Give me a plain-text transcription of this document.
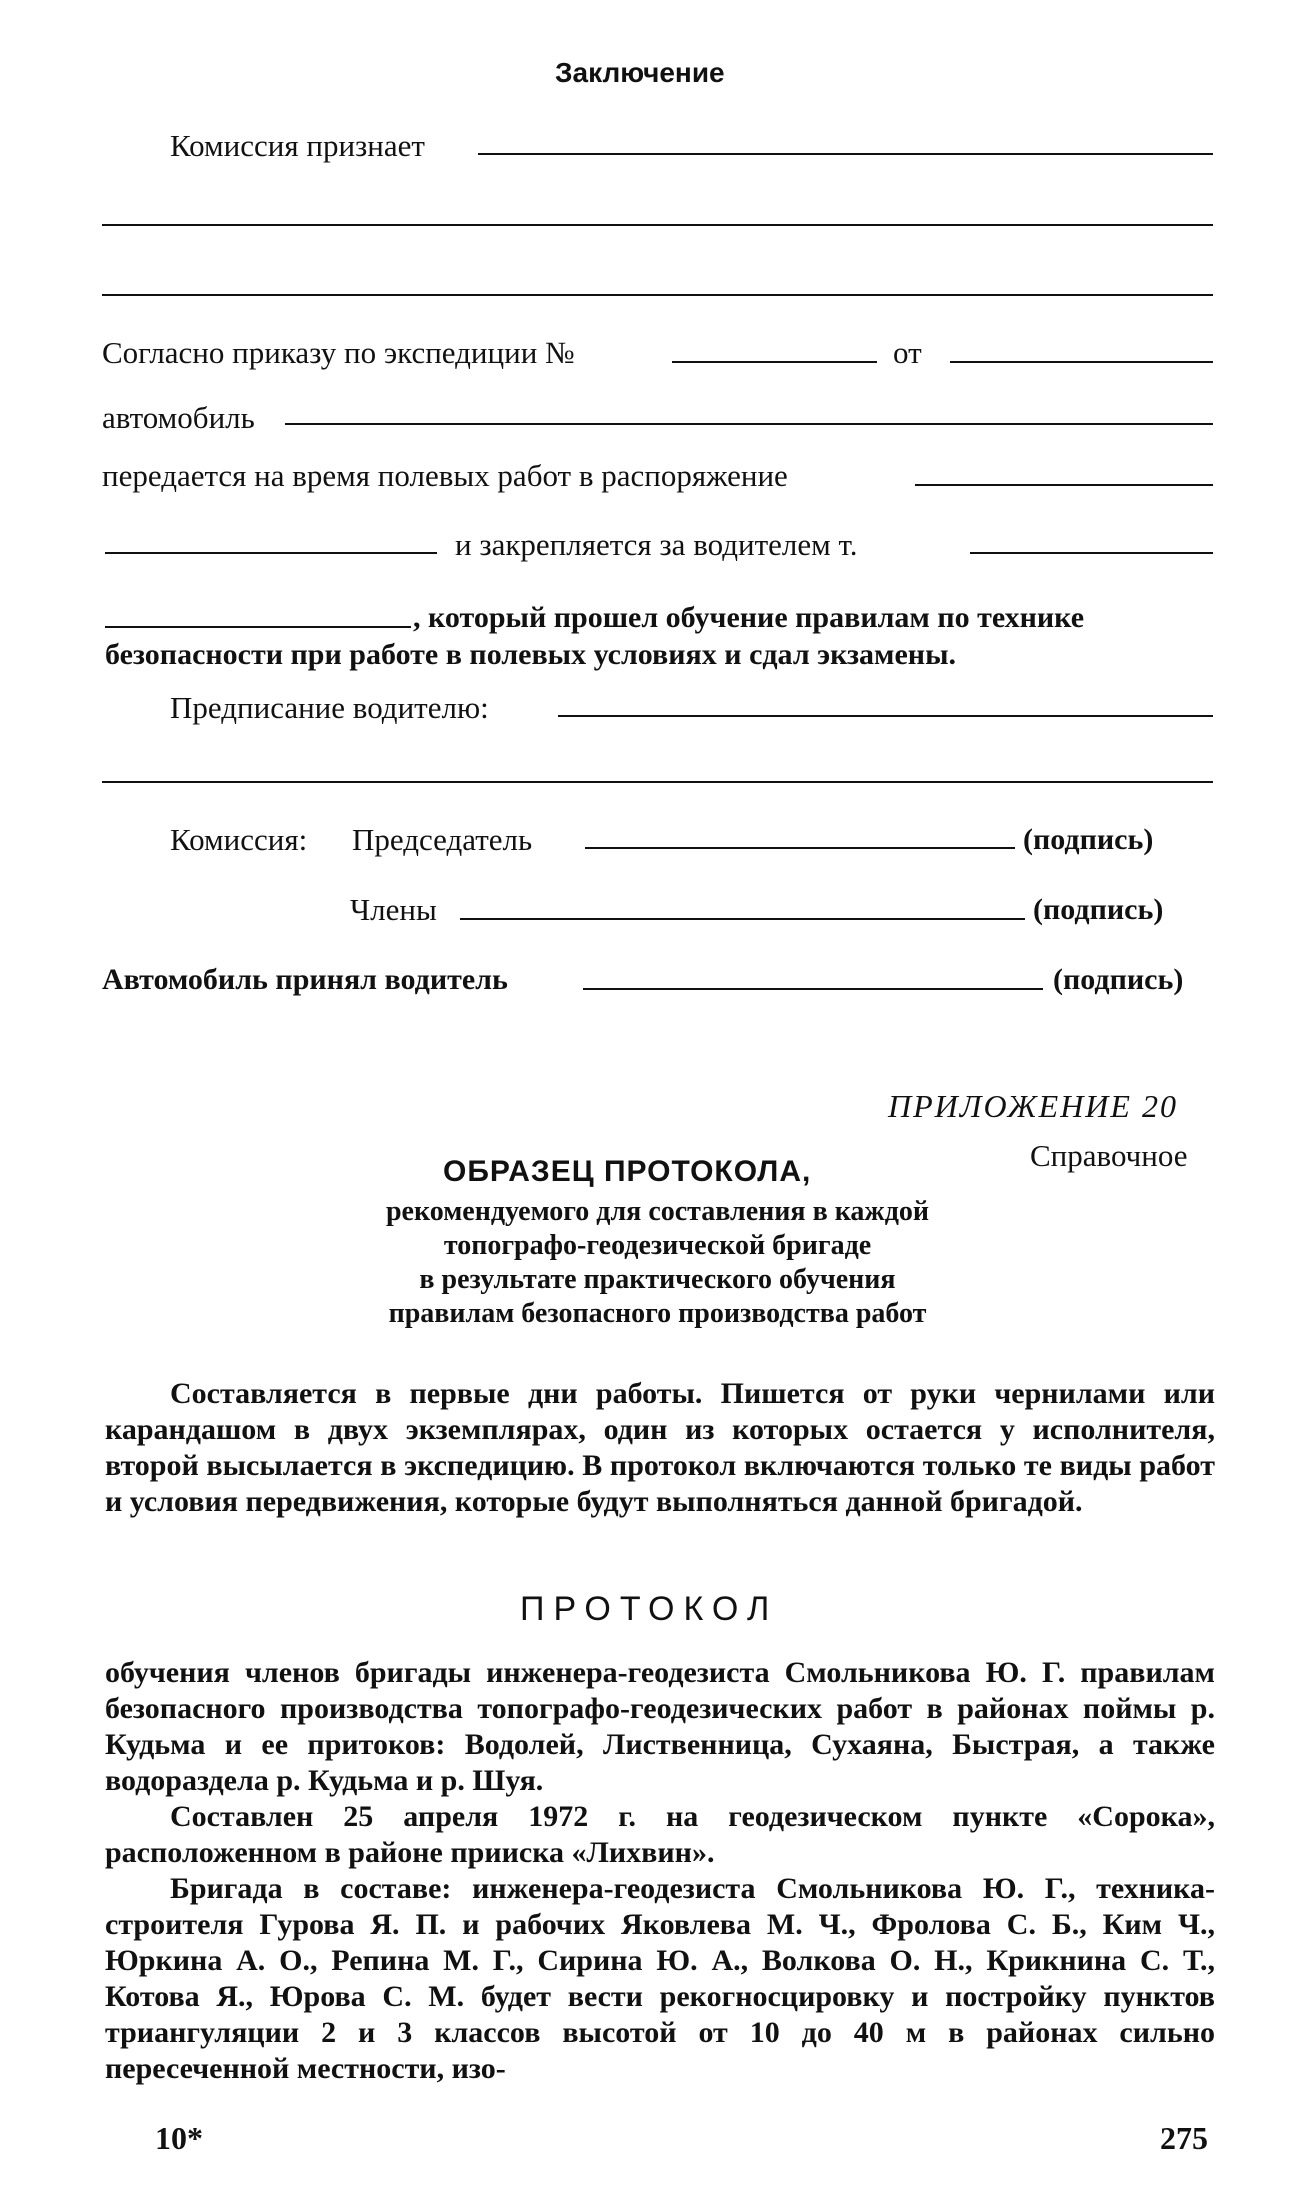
Заключение
Комиссия признает
Согласно приказу по экспедиции №	от
автомобиль
передается на время полевых работ в распоряжение
и закрепляется за водителем т.
, который прошел обучение правилам по технике
безопасности при работе в полевых условиях и сдал экзамены.
Предписание водителю:
Комиссия: Председатель	(подпись)
Члены	(подпись)
Автомобиль принял водитель	(подпись)
ПРИЛОЖЕНИЕ 20
Справочное
ОБРАЗЕЦ ПРОТОКОЛА,
рекомендуемого для составления в каждой
топографо-геодезической бригаде
в результате практического обучения
правилам безопасного производства работ

Составляется в первые дни работы. Пишется от руки чернилами или карандашом в двух экземплярах, один из которых остается у исполнителя, второй высылается в экспедицию. В протокол включаются только те виды работ и условия передвижения, которые будут выполняться данной бригадой.

ПРОТОКОЛ

обучения членов бригады инженера-геодезиста Смольникова Ю. Г. правилам безопасного производства топографо-геодезических работ в районах поймы р. Кудьма и ее притоков: Водолей, Лиственница, Сухаяна, Быстрая, а также водораздела р. Кудьма и р. Шуя.

Составлен 25 апреля 1972 г. на геодезическом пункте «Сорока», расположенном в районе прииска «Лихвин».

Бригада в составе: инженера-геодезиста Смольникова Ю. Г., техника-строителя Гурова Я. П. и рабочих Яковлева М. Ч., Фролова С. Б., Ким Ч., Юркина А. О., Репина М. Г., Сирина Ю. А., Волкова О. Н., Крикнина С. Т., Котова Я., Юрова С. М. будет вести рекогносцировку и постройку пунктов триангуляции 2 и 3 классов высотой от 10 до 40 м в районах сильно пересеченной местности, изо-

10*	275
